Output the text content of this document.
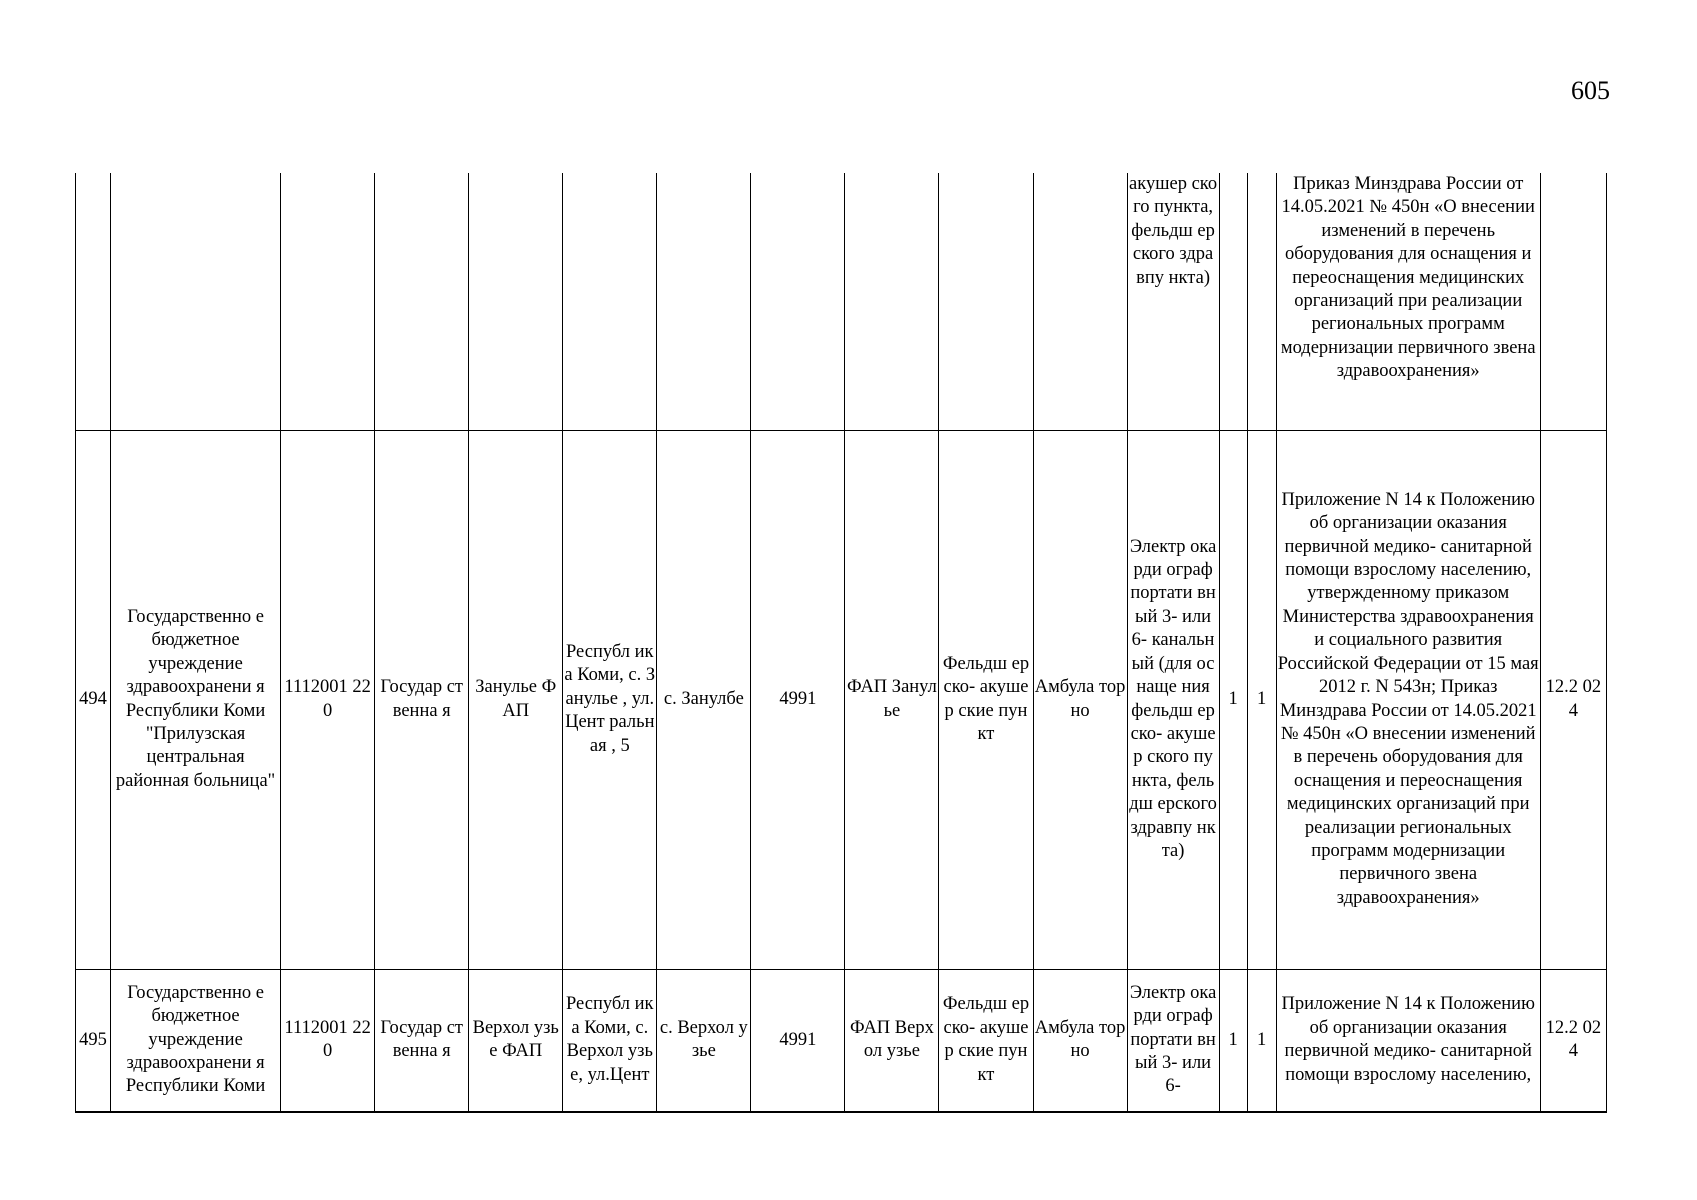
605
											акушер ского пункта, фельдш ерского здравпу нкта)			Приказ Минздрава России от 14.05.2021 № 450н «О внесении изменений в перечень оборудования для оснащения и переоснащения медицинских организаций при реализации региональных программ модернизации первичного звена здравоохранения»	
494	Государственно е бюджетное учреждение здравоохранени я Республики Коми "Прилузская центральная районная больница"	1112001 220	Государ ственна я	Занулье ФАП	Республ ика Коми, с. Занулье , ул.Цент ральная , 5	с. Занулбе	4991	ФАП Занулье	Фельдш ерско- акушер ские пункт	Амбула торно	Электр окарди ограф портати вный 3- или 6- канальн ый (для оснаще ния фельдш ерско- акушер ского пункта, фельдш ерского здравпу нкта)	1	1	Приложение N 14 к Положению об организации оказания первичной медико- санитарной помощи взрослому населению, утвержденному приказом Министерства здравоохранения и социального развития Российской Федерации от 15 мая 2012 г. N 543н; Приказ Минздрава России от 14.05.2021 № 450н «О внесении изменений в перечень оборудования для оснащения и переоснащения медицинских организаций при реализации региональных программ модернизации первичного звена здравоохранения»	12.2 024
495	Государственно е бюджетное учреждение здравоохранени я Республики Коми	1112001 220	Государ ственна я	Верхол узье ФАП	Республ ика Коми, с. Верхол узье, ул.Цент	с. Верхол узье	4991	ФАП Верхол узье	Фельдш ерско- акушер ские пункт	Амбула торно	Электр окарди ограф портати вный 3- или 6-	1	1	Приложение N 14 к Положению об организации оказания первичной медико- санитарной помощи взрослому населению,	12.2 024
